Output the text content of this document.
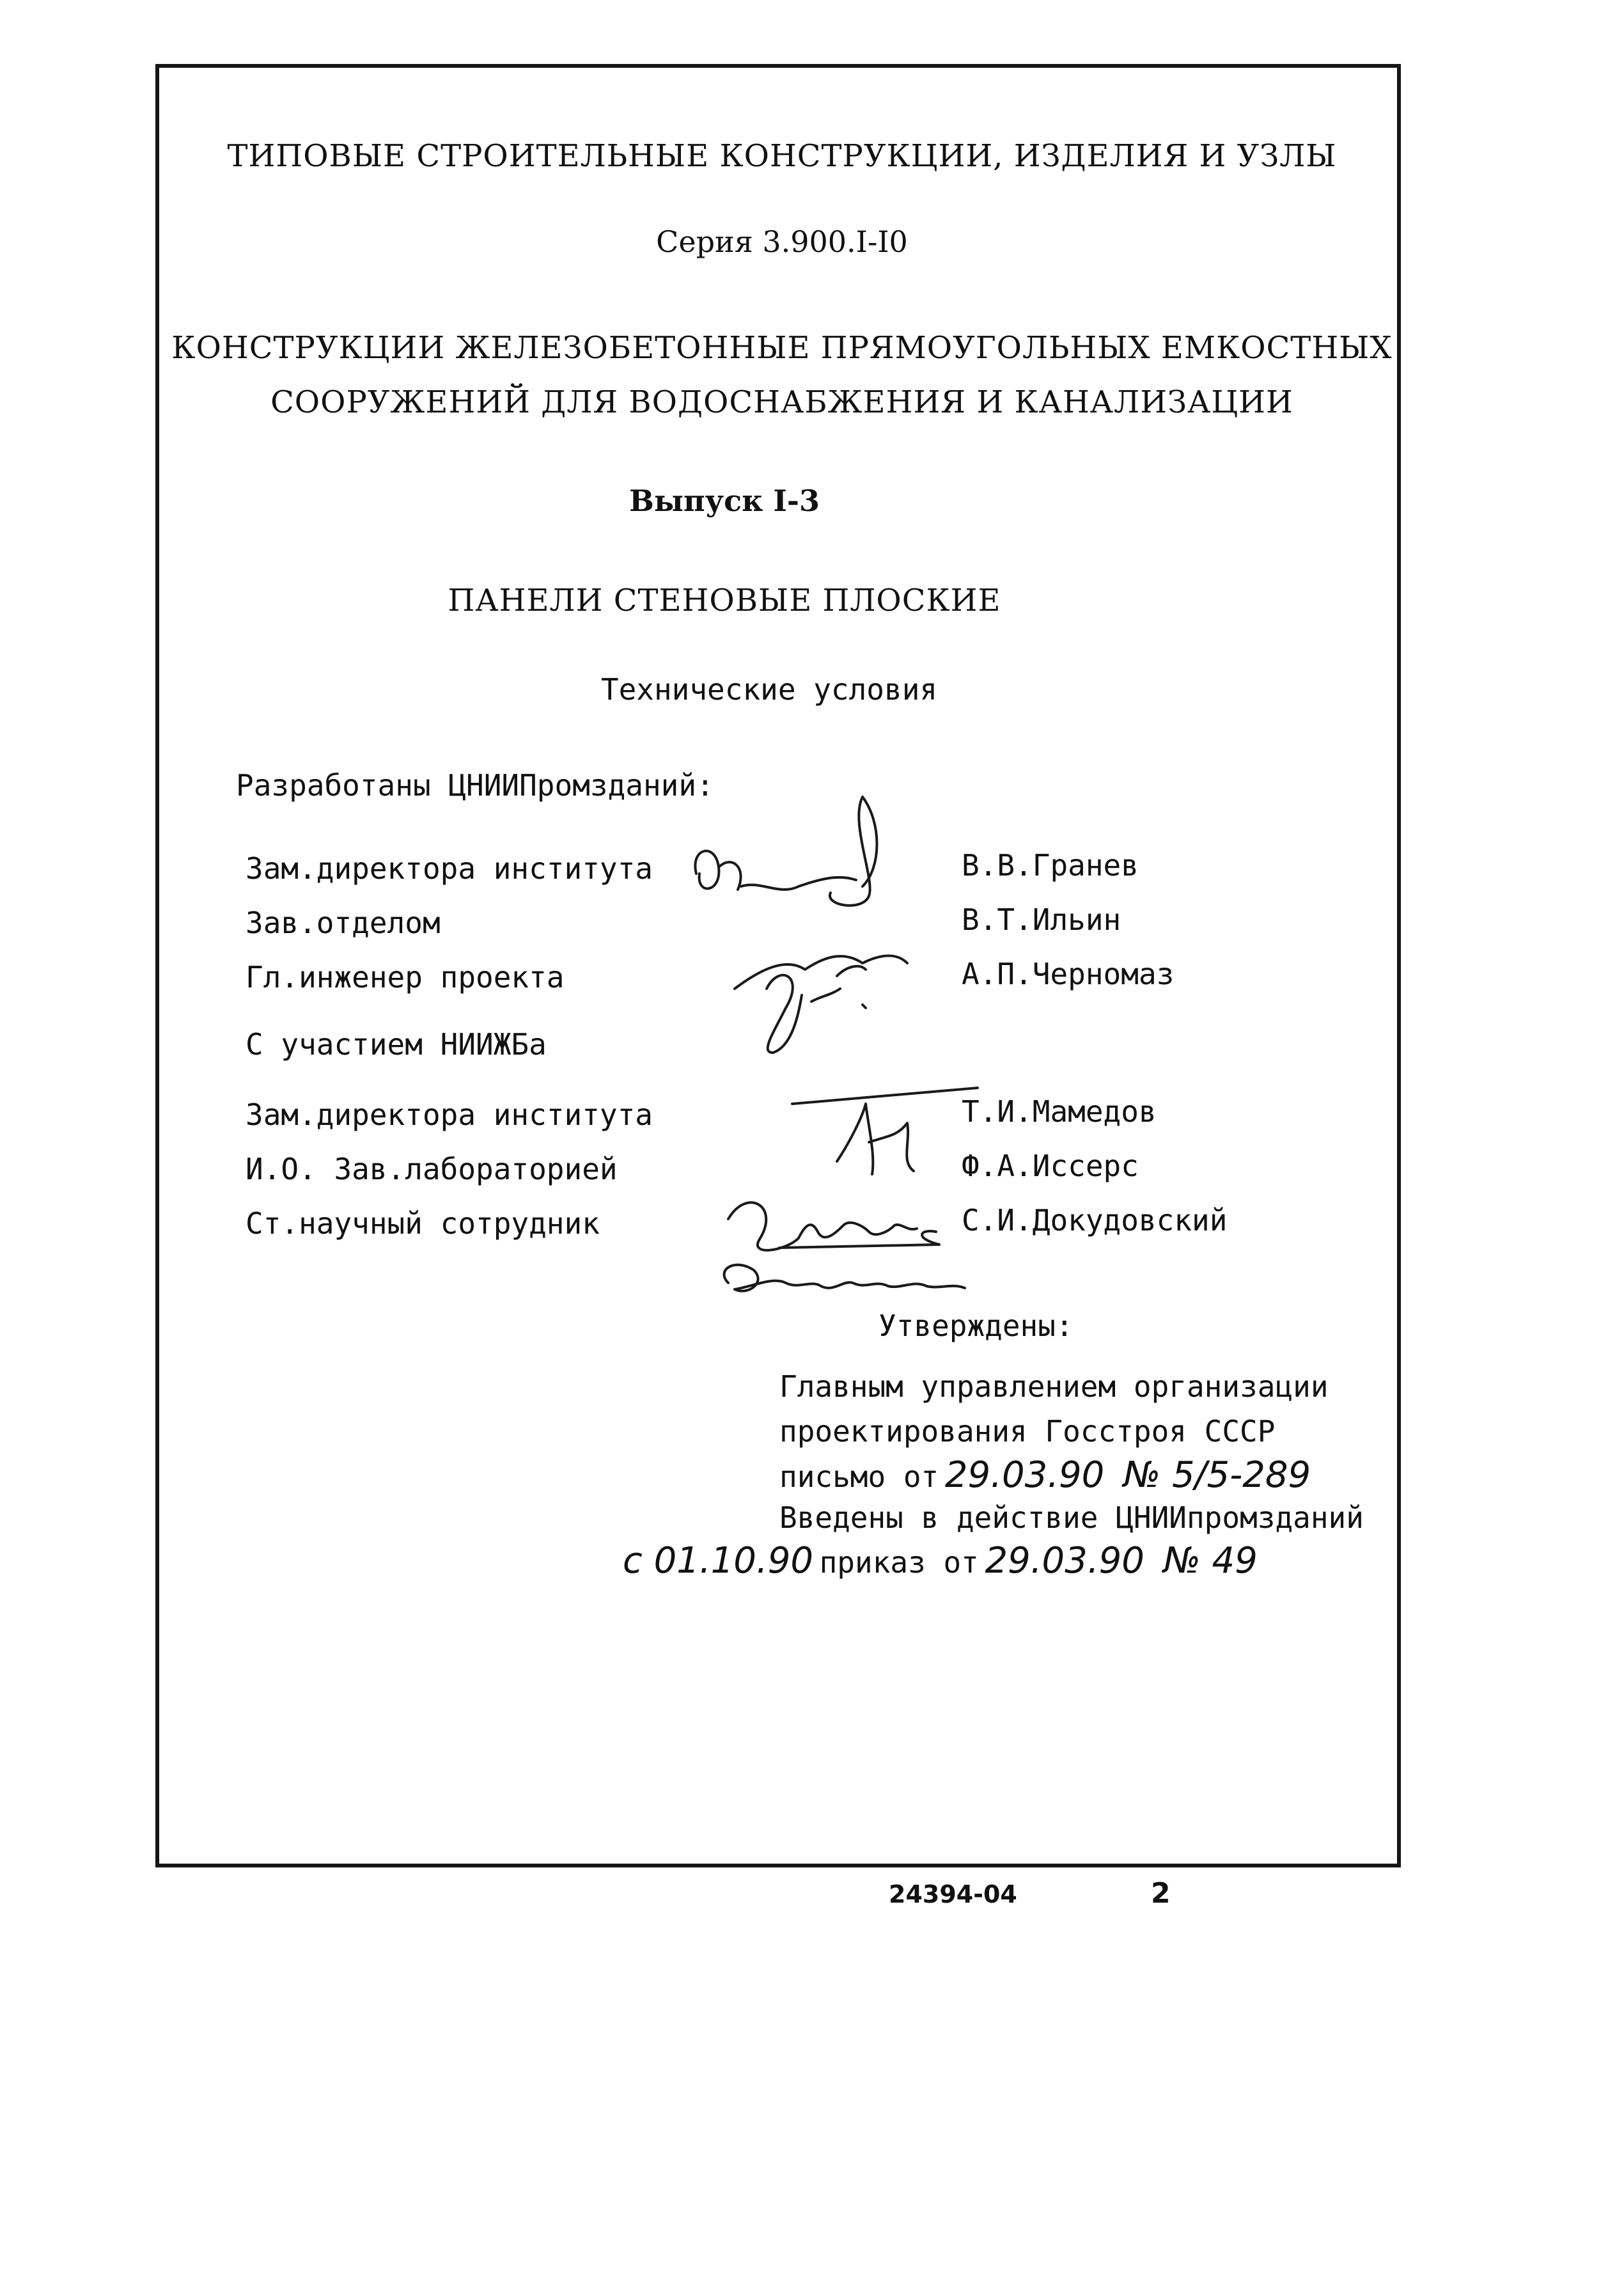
ТИПОВЫЕ СТРОИТЕЛЬНЫЕ КОНСТРУКЦИИ, ИЗДЕЛИЯ И УЗЛЫ
Серия 3.900.I-I0
КОНСТРУКЦИИ ЖЕЛЕЗОБЕТОННЫЕ ПРЯМОУГОЛЬНЫХ ЕМКОСТНЫХ
СООРУЖЕНИЙ ДЛЯ ВОДОСНАБЖЕНИЯ И КАНАЛИЗАЦИИ
Выпуск I-3
ПАНЕЛИ СТЕНОВЫЕ ПЛОСКИЕ
Технические условия
Разработаны ЦНИИПромзданий:
Зам.директора института	В.В.Гранев
Зав.отделом	В.Т.Ильин
Гл.инженер проекта	А.П.Черномаз
С участием НИИЖБа
Зам.директора института	Т.И.Мамедов
И.О. Зав.лабораторией	Ф.А.Иссерс
Ст.научный сотрудник	С.И.Докудовский
Утверждены:
Главным управлением организации
проектирования Госстроя СССР
письмо от 29.03.90 № 5/5-289
Введены в действие ЦНИИпромзданий
с 01.10.90 приказ от 29.03.90 № 49
24394-04	2
